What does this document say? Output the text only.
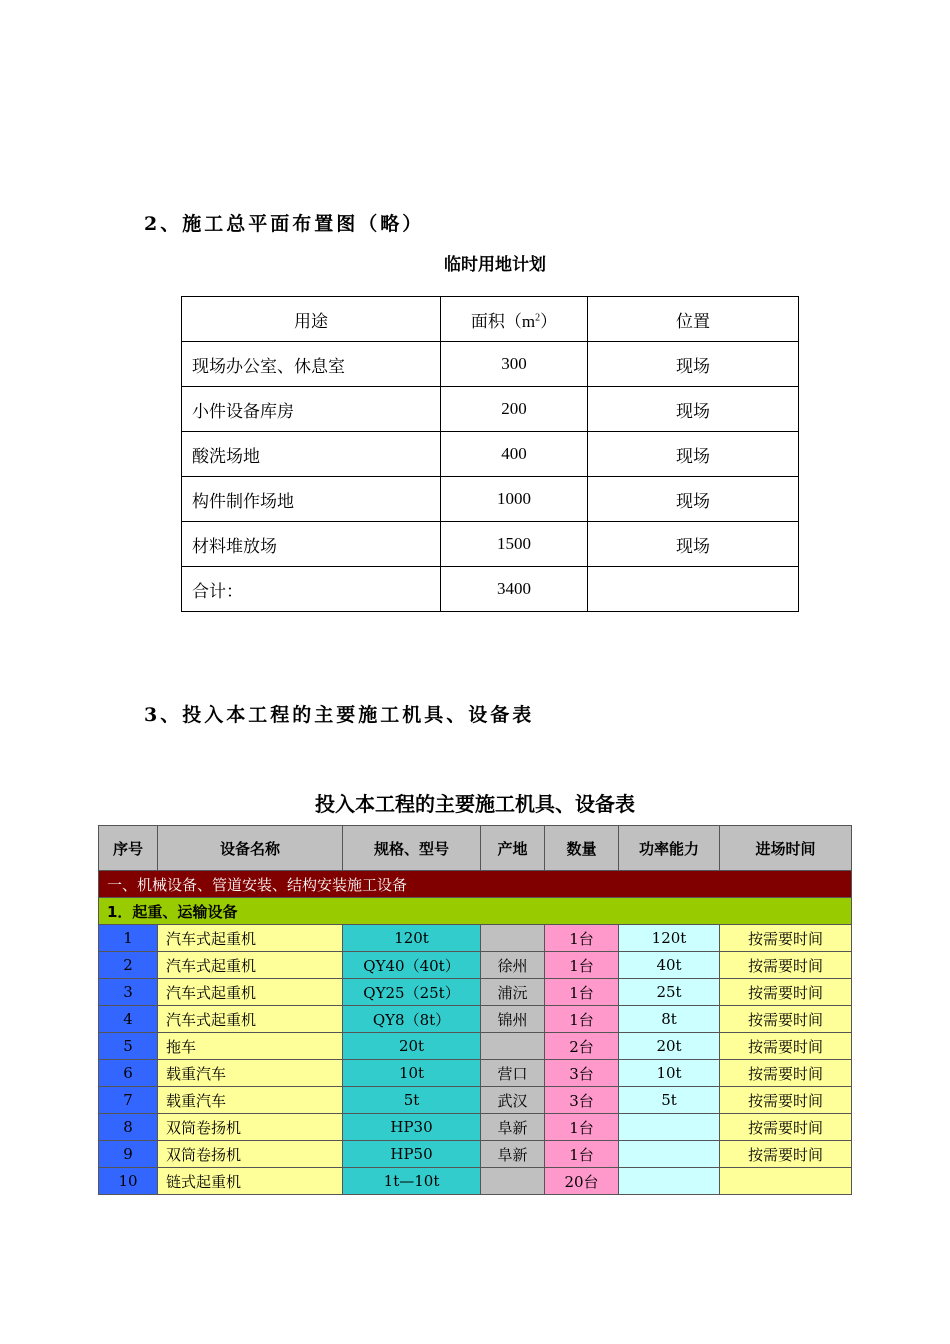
2、施工总平面布置图（略）
临时用地计划
用途	面积$(m^2)$	位置
现场办公室、休息室	300	现场
小件设备库房	200	现场
酸洗场地	400	现场
构件制作场地	1000	现场
材料堆放场	1500	现场
合计：	3400	
3、投入本工程的主要施工机具、设备表
投入本工程的主要施工机具、设备表
序号	设备名称	规格、型号	产地	数量	功率能力	进场时间
一、机械设备、管道安装、结构安装施工设备						
1．起重、运输设备						
1	汽车式起重机	120t		1台	120t	按需要时间
2	汽车式起重机	QY40（40t）	徐州	1台	40t	按需要时间
3	汽车式起重机	QY25（25t）	浦沅	1台	25t	按需要时间
4	汽车式起重机	QY8（8t）	锦州	1台	8t	按需要时间
5	拖车	20t		2台	20t	按需要时间
6	载重汽车	10t	营口	3台	10t	按需要时间
7	载重汽车	5t	武汉	3台	5t	按需要时间
8	双筒卷扬机	HP30	阜新	1台		按需要时间
9	双筒卷扬机	HP50	阜新	1台		按需要时间
10	链式起重机	1t—10t		20台		
